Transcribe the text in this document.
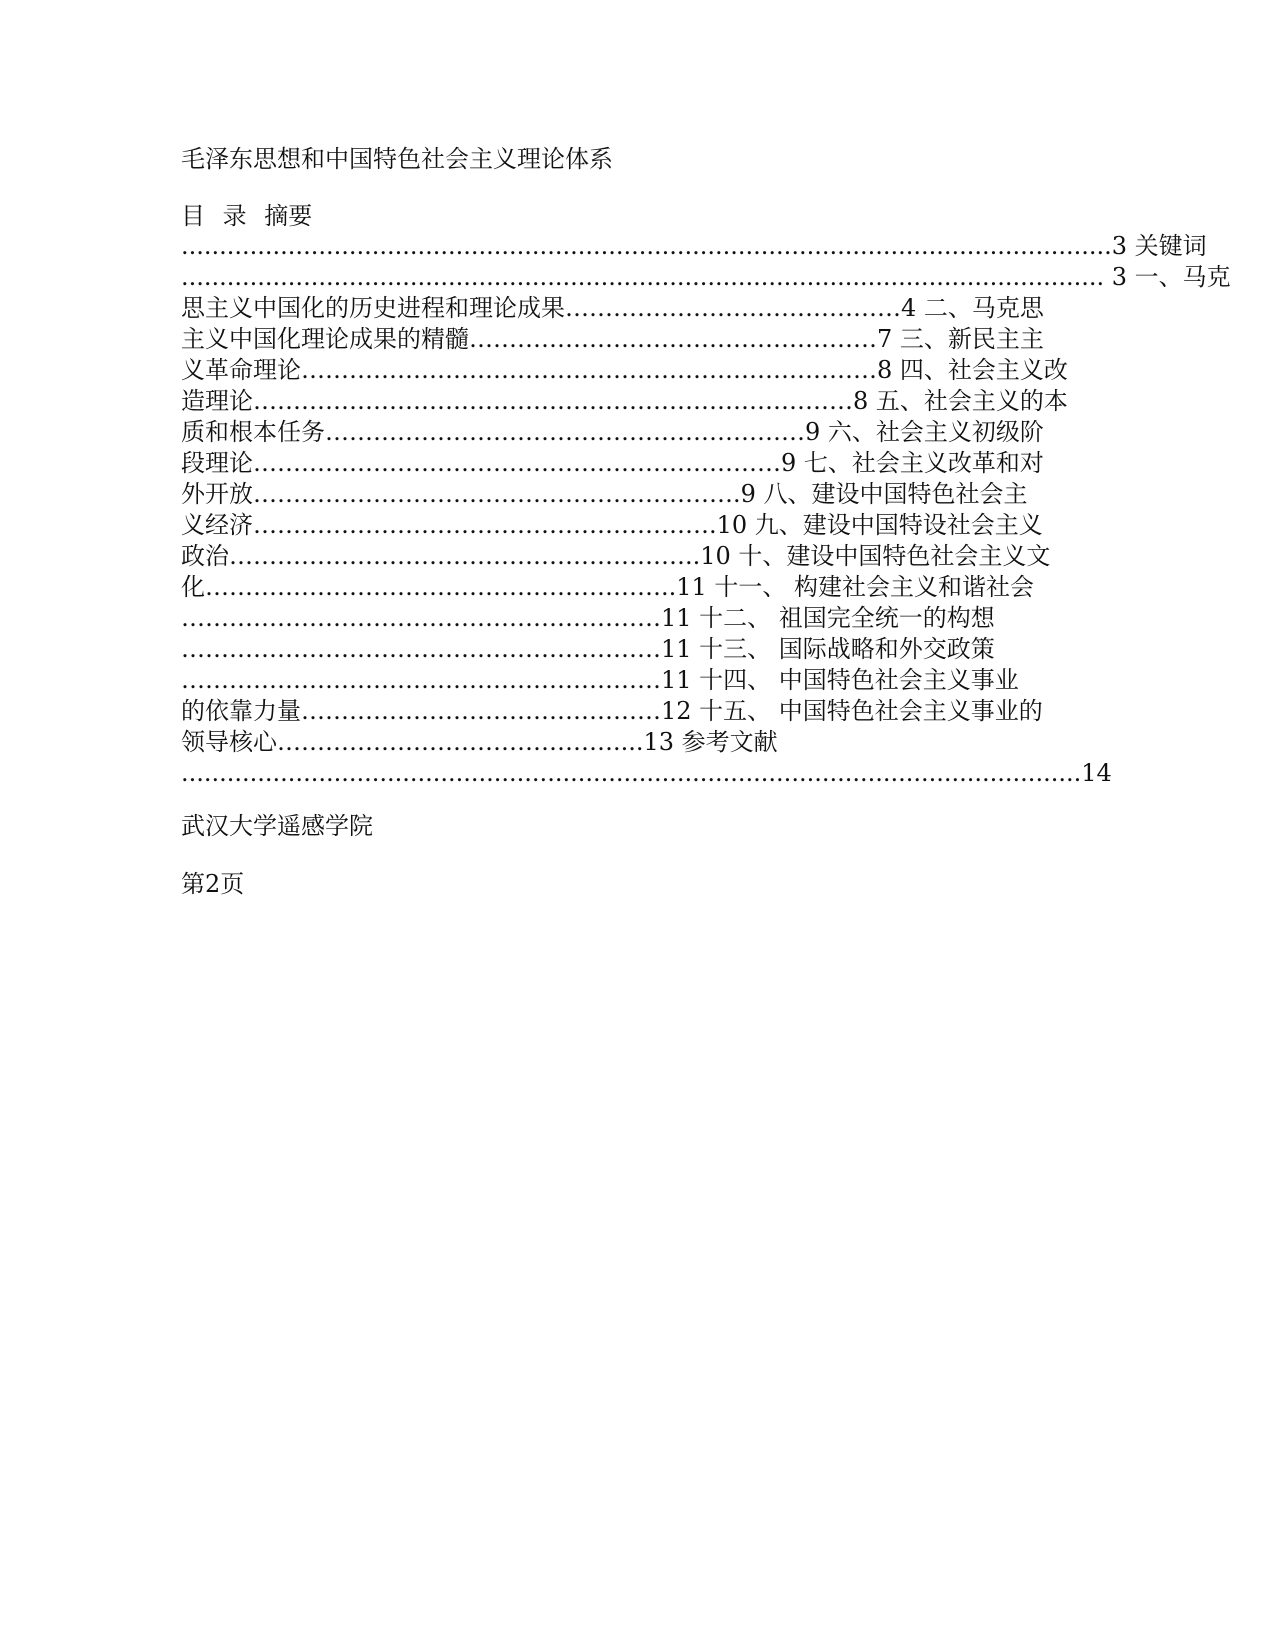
毛泽东思想和中国特色社会主义理论体系
目 录 摘要
..........................................................................................................................3 关键词
......................................................................................................................... 3 一、马克
思主义中国化的历史进程和理论成果……………………………………4 二、马克思
主义中国化理论成果的精髓……………………………………………7 三、新民主主
义革命理论………………………………………………………………8 四、社会主义改
造理论…………………………………………………………………8 五、社会主义的本
质和根本任务……………………………………………………9 六、社会主义初级阶
段理论…………………………………………………………9 七、社会主义改革和对
外开放…………………………………………………….9 八、建设中国特色社会主
义经济………………………………………………….10 九、建设中国特设社会主义
政治…………………………………………………..10 十、建设中国特色社会主义文
化…………………………………………………..11 十一、 构建社会主义和谐社会
……………………………………………………11 十二、 祖国完全统一的构想
……………………………………………………11 十三、 国际战略和外交政策
……………………………………………………11 十四、 中国特色社会主义事业
的依靠力量………………………………………12 十五、 中国特色社会主义事业的
领导核心……………………………………....13 参考文献
......................................................................................................................14
武汉大学遥感学院
第2页
